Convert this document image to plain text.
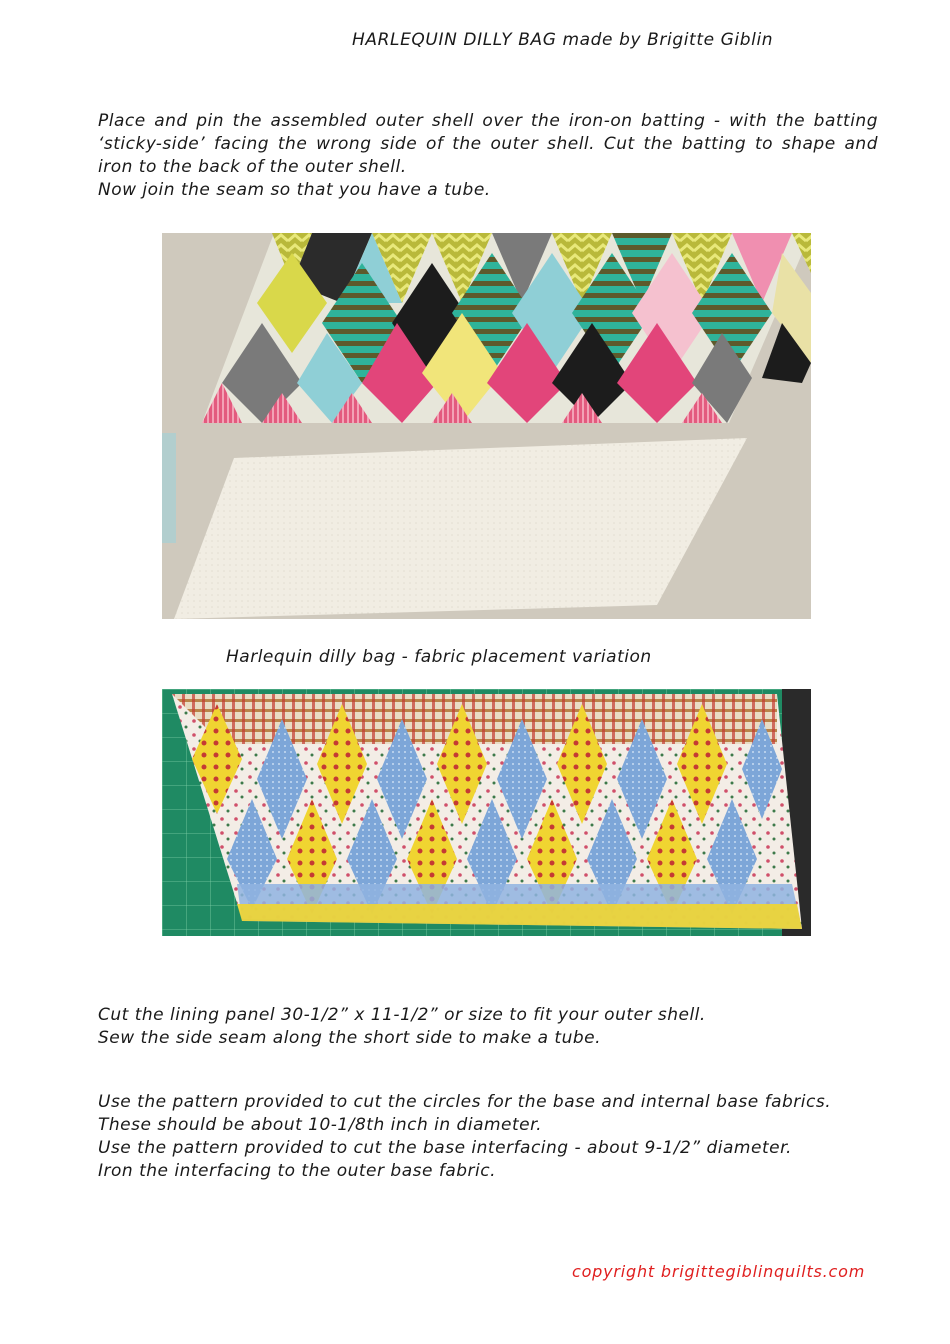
HARLEQUIN DILLY BAG made by Brigitte Giblin
Place and pin the assembled outer shell over the iron-on batting - with the batting
‘sticky-side’ facing the wrong side of the outer shell. Cut the batting to shape and
iron to the back of the outer shell.
Now join the seam so that you have a tube.
Harlequin dilly bag - fabric placement variation
Cut the lining panel 30-1/2” x 11-1/2” or size to fit your outer shell.
Sew the side seam along the short side to make a tube.
Use the pattern provided to cut the circles for the base and internal base fabrics.
These should be about 10-1/8th inch in diameter.
Use the pattern provided to cut the base interfacing - about 9-1/2” diameter.
Iron the interfacing to the outer base fabric.
copyright brigittegiblinquilts.com
